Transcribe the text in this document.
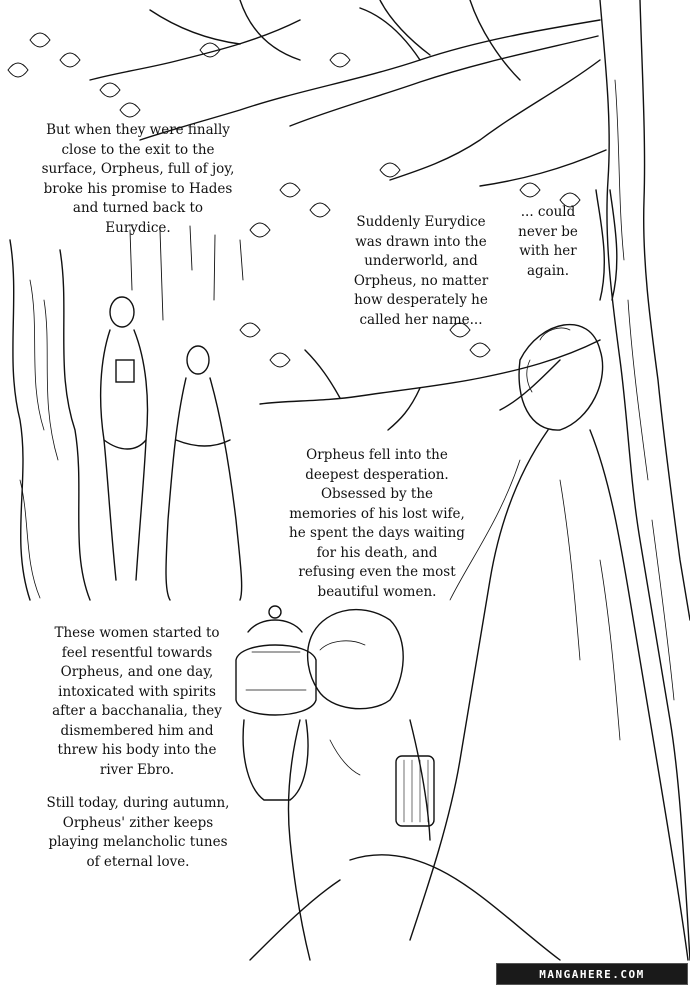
But when they were finally
close to the exit to the
surface, Orpheus, full of joy,
broke his promise to Hades
and turned back to
Eurydice.	Suddenly Eurydice
was drawn into the
underworld, and
Orpheus, no matter
how desperately he
called her name...
... could
never be
with her
again.
Orpheus fell into the
deepest desperation.
Obsessed by the
memories of his lost wife,
he spent the days waiting
for his death, and
refusing even the most
beautiful women.
These women started to
feel resentful towards
Orpheus, and one day,
intoxicated with spirits
after a bacchanalia, they
dismembered him and
threw his body into the
river Ebro.
Still today, during autumn,
Orpheus' zither keeps
playing melancholic tunes
of eternal love.
MANGAHERE.COM
